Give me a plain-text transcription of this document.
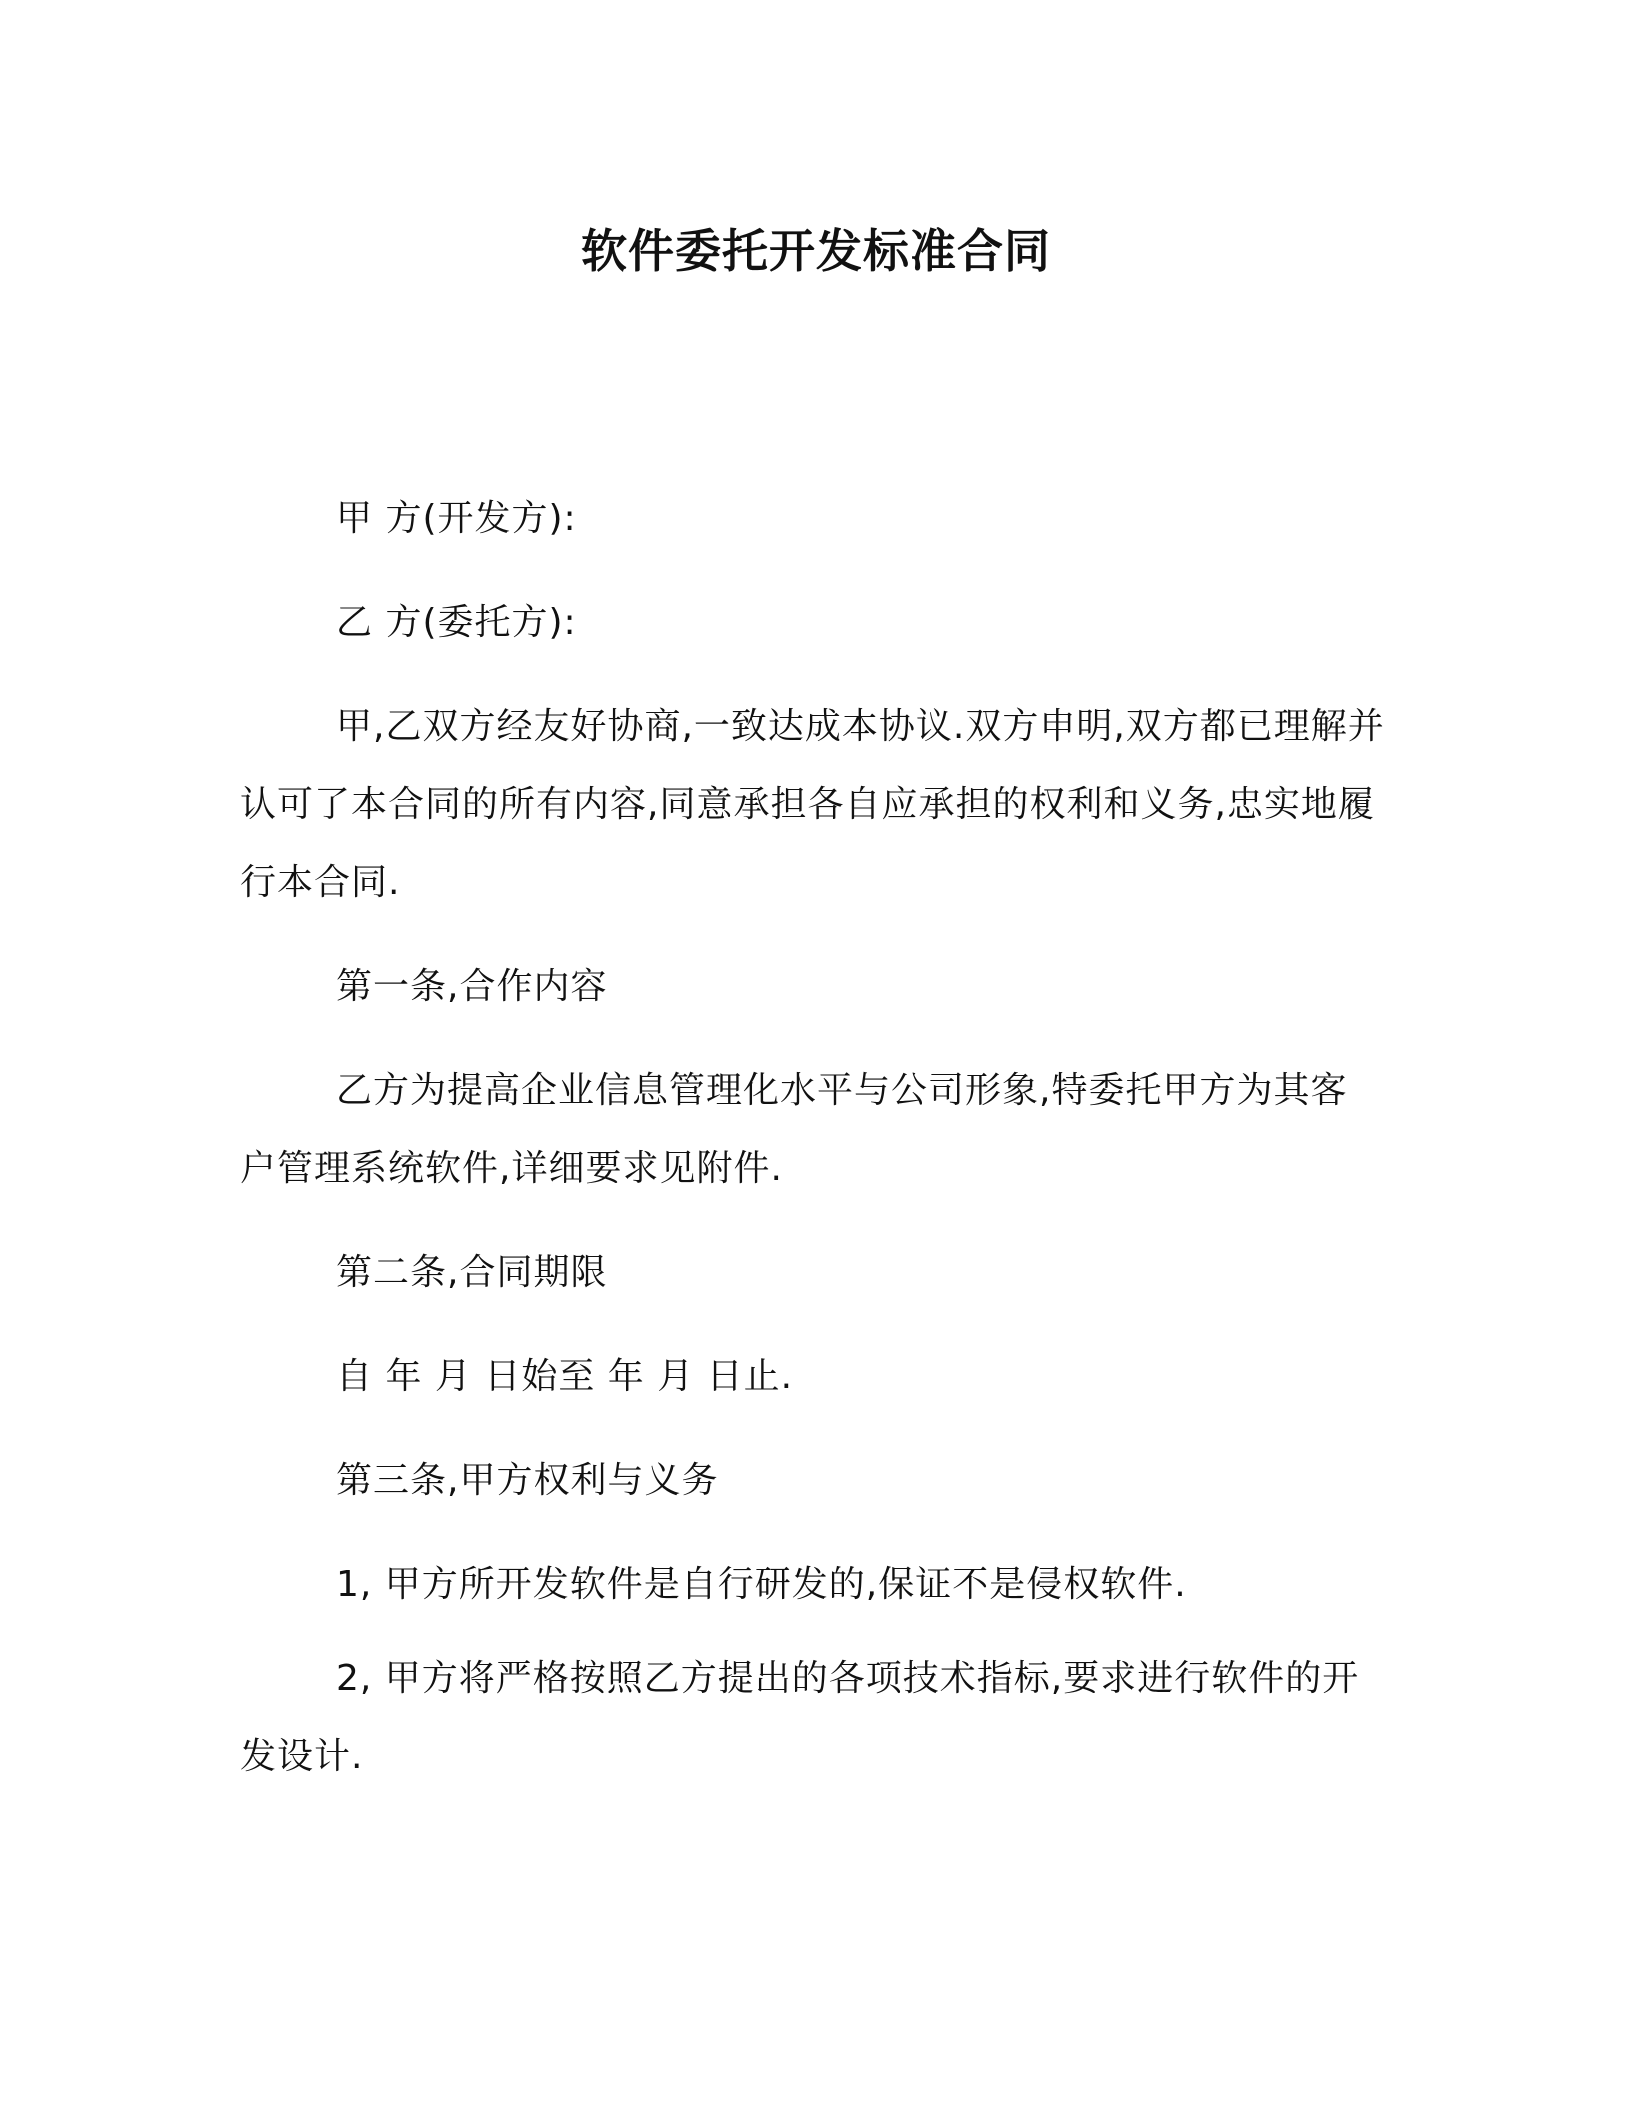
软件委托开发标准合同
甲 方(开发方):
乙 方(委托方):
甲,乙双方经友好协商,一致达成本协议.双方申明,双方都已理解并
认可了本合同的所有内容,同意承担各自应承担的权利和义务,忠实地履
行本合同.
第一条,合作内容
乙方为提高企业信息管理化水平与公司形象,特委托甲方为其客
户管理系统软件,详细要求见附件.
第二条,合同期限
自 年 月 日始至 年 月 日止.
第三条,甲方权利与义务
1, 甲方所开发软件是自行研发的,保证不是侵权软件.
2, 甲方将严格按照乙方提出的各项技术指标,要求进行软件的开
发设计.
